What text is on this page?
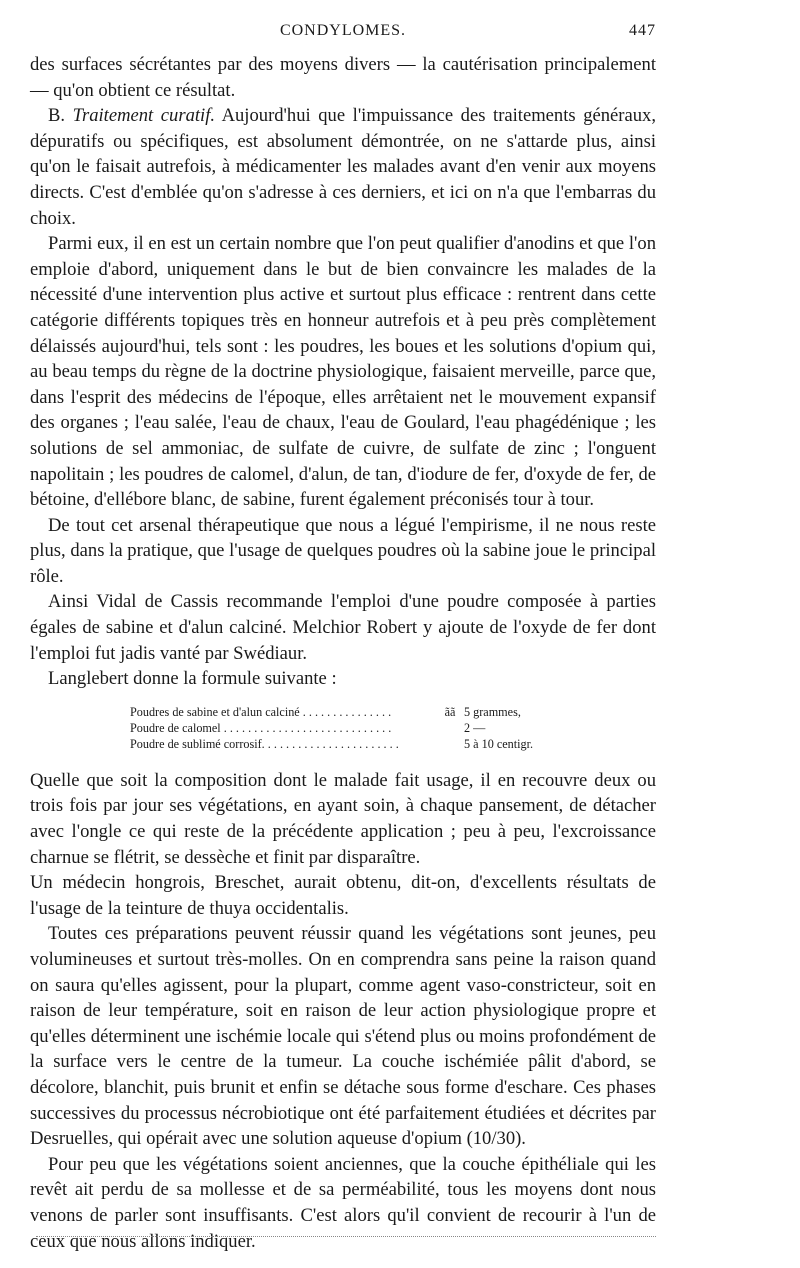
CONDYLOMES.	447

des surfaces sécrétantes par des moyens divers — la cautérisation principalement — qu'on obtient ce résultat.

B. Traitement curatif. Aujourd'hui que l'impuissance des traitements généraux, dépuratifs ou spécifiques, est absolument démontrée, on ne s'attarde plus, ainsi qu'on le faisait autrefois, à médicamenter les malades avant d'en venir aux moyens directs. C'est d'emblée qu'on s'adresse à ces derniers, et ici on n'a que l'embarras du choix.

Parmi eux, il en est un certain nombre que l'on peut qualifier d'anodins et que l'on emploie d'abord, uniquement dans le but de bien convaincre les malades de la nécessité d'une intervention plus active et surtout plus efficace : rentrent dans cette catégorie différents topiques très en honneur autrefois et à peu près complètement délaissés aujourd'hui, tels sont : les poudres, les boues et les solutions d'opium qui, au beau temps du règne de la doctrine physiologique, faisaient merveille, parce que, dans l'esprit des médecins de l'époque, elles arrêtaient net le mouvement expansif des organes ; l'eau salée, l'eau de chaux, l'eau de Goulard, l'eau phagédénique ; les solutions de sel ammoniac, de sulfate de cuivre, de sulfate de zinc ; l'onguent napolitain ; les poudres de calomel, d'alun, de tan, d'iodure de fer, d'oxyde de fer, de bétoine, d'ellébore blanc, de sabine, furent également préconisés tour à tour.

De tout cet arsenal thérapeutique que nous a légué l'empirisme, il ne nous reste plus, dans la pratique, que l'usage de quelques poudres où la sabine joue le principal rôle.

Ainsi Vidal de Cassis recommande l'emploi d'une poudre composée à parties égales de sabine et d'alun calciné. Melchior Robert y ajoute de l'oxyde de fer dont l'emploi fut jadis vanté par Swédiaur.

Langlebert donne la formule suivante :

Poudres de sabine et d'alun calciné . . . . . . . . . . . . . . .	ãã 5 grammes,
Poudre de calomel . . . . . . . . . . . . . . . . . . . . . . . . . . . .	2 —
Poudre de sublimé corrosif. . . . . . . . . . . . . . . . . . . . . . .	5 à 10 centigr.

Quelle que soit la composition dont le malade fait usage, il en recouvre deux ou trois fois par jour ses végétations, en ayant soin, à chaque pansement, de détacher avec l'ongle ce qui reste de la précédente application ; peu à peu, l'excroissance charnue se flétrit, se dessèche et finit par disparaître.

Un médecin hongrois, Breschet, aurait obtenu, dit-on, d'excellents résultats de l'usage de la teinture de thuya occidentalis.

Toutes ces préparations peuvent réussir quand les végétations sont jeunes, peu volumineuses et surtout très-molles. On en comprendra sans peine la raison quand on saura qu'elles agissent, pour la plupart, comme agent vaso-constricteur, soit en raison de leur température, soit en raison de leur action physiologique propre et qu'elles déterminent une ischémie locale qui s'étend plus ou moins profondément de la surface vers le centre de la tumeur. La couche ischémiée pâlit d'abord, se décolore, blanchit, puis brunit et enfin se détache sous forme d'eschare. Ces phases successives du processus nécrobiotique ont été parfaitement étudiées et décrites par Desruelles, qui opérait avec une solution aqueuse d'opium (10/30).

Pour peu que les végétations soient anciennes, que la couche épithéliale qui les revêt ait perdu de sa mollesse et de sa perméabilité, tous les moyens dont nous venons de parler sont insuffisants. C'est alors qu'il convient de recourir à l'un de ceux que nous allons indiquer.
